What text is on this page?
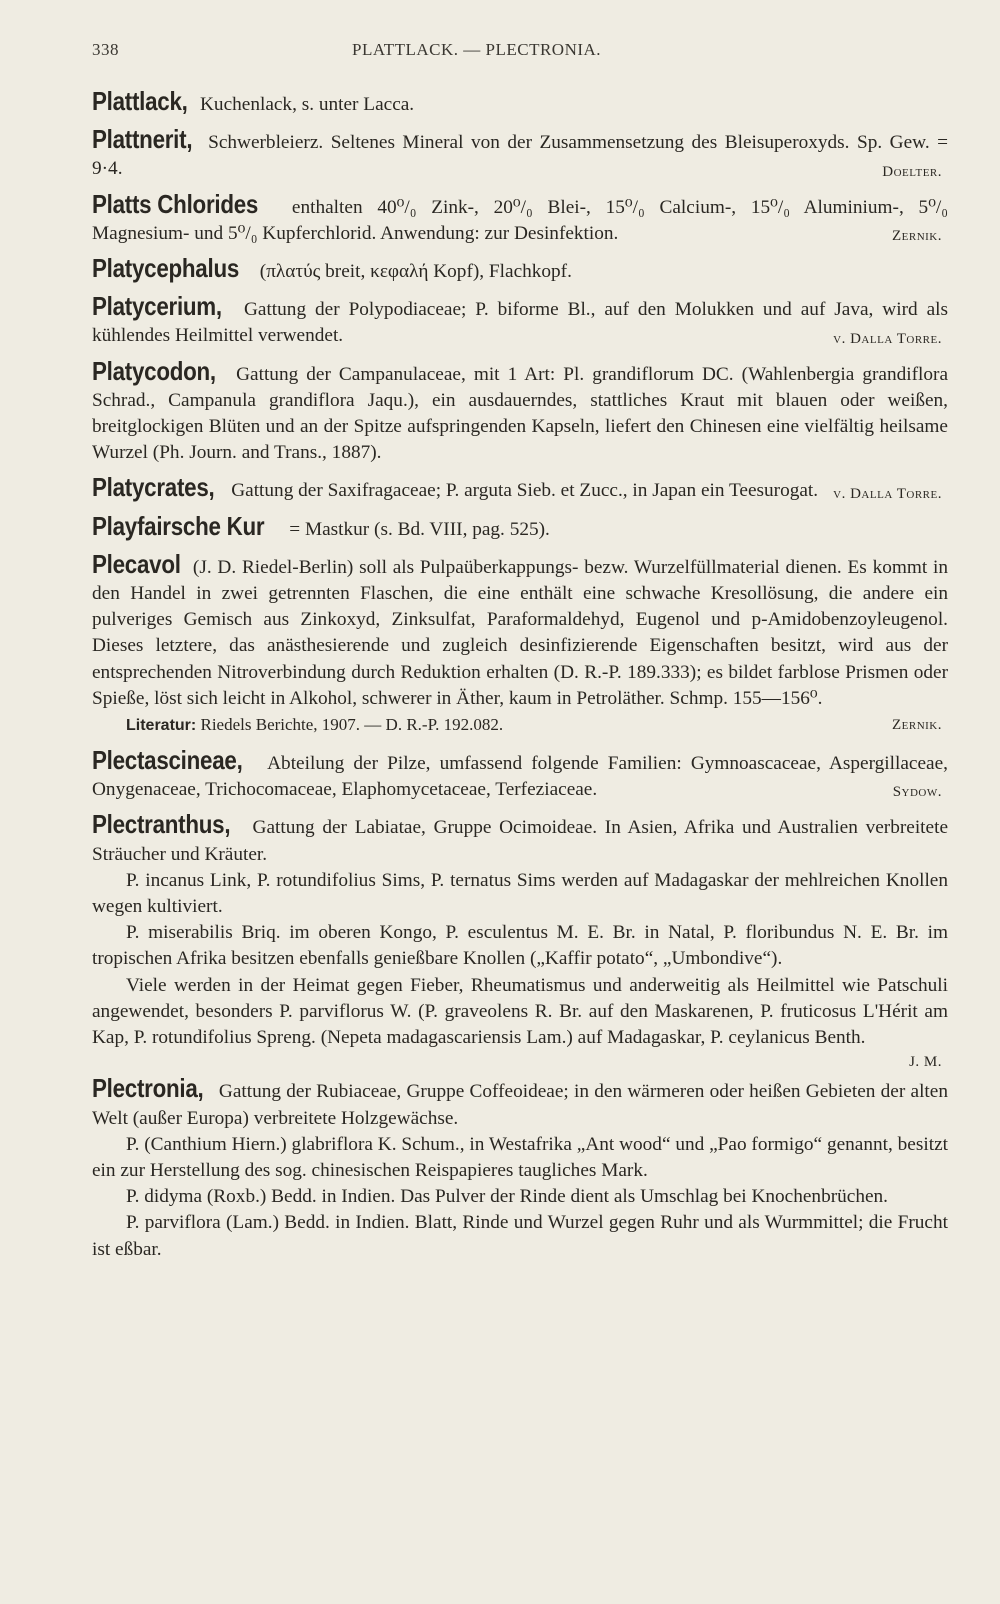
338	PLATTLACK. — PLECTRONIA.

Plattlack, Kuchenlack, s. unter Lacca.

Plattnerit, Schwerbleierz. Seltenes Mineral von der Zusammensetzung des Bleisuperoxyds. Sp. Gew. = 9·4.	Doelter.

Platts Chlorides enthalten 40⁰/₀ Zink-, 20⁰/₀ Blei-, 15⁰/₀ Calcium-, 15⁰/₀ Aluminium-, 5⁰/₀ Magnesium- und 5⁰/₀ Kupferchlorid. Anwendung: zur Desinfektion.	Zernik.

Platycephalus (πλατύς breit, κεφαλή Kopf), Flachkopf.

Platycerium, Gattung der Polypodiaceae; P. biforme Bl., auf den Molukken und auf Java, wird als kühlendes Heilmittel verwendet.	v. Dalla Torre.

Platycodon, Gattung der Campanulaceae, mit 1 Art: Pl. grandiflorum DC. (Wahlenbergia grandiflora Schrad., Campanula grandiflora Jaqu.), ein ausdauerndes, stattliches Kraut mit blauen oder weißen, breitglockigen Blüten und an der Spitze aufspringenden Kapseln, liefert den Chinesen eine vielfältig heilsame Wurzel (Ph. Journ. and Trans., 1887).

Platycrates, Gattung der Saxifragaceae; P. arguta Sieb. et Zucc., in Japan ein Teesurogat.	v. Dalla Torre.

Playfairsche Kur = Mastkur (s. Bd. VIII, pag. 525).

Plecavol (J. D. Riedel-Berlin) soll als Pulpaüberkappungs- bezw. Wurzelfüllmaterial dienen. Es kommt in den Handel in zwei getrennten Flaschen, die eine enthält eine schwache Kresollösung, die andere ein pulveriges Gemisch aus Zinkoxyd, Zinksulfat, Paraformaldehyd, Eugenol und p-Amidobenzoyleugenol. Dieses letztere, das anästhesierende und zugleich desinfizierende Eigenschaften besitzt, wird aus der entsprechenden Nitroverbindung durch Reduktion erhalten (D. R.-P. 189.333); es bildet farblose Prismen oder Spieße, löst sich leicht in Alkohol, schwerer in Äther, kaum in Petroläther. Schmp. 155—156⁰.

Literatur: Riedels Berichte, 1907. — D. R.-P. 192.082.	Zernik.

Plectascineae, Abteilung der Pilze, umfassend folgende Familien: Gymnoascaceae, Aspergillaceae, Onygenaceae, Trichocomaceae, Elaphomycetaceae, Terfeziaceae.	Sydow.

Plectranthus, Gattung der Labiatae, Gruppe Ocimoideae. In Asien, Afrika und Australien verbreitete Sträucher und Kräuter.

P. incanus Link, P. rotundifolius Sims, P. ternatus Sims werden auf Madagaskar der mehlreichen Knollen wegen kultiviert.

P. miserabilis Briq. im oberen Kongo, P. esculentus M. E. Br. in Natal, P. floribundus N. E. Br. im tropischen Afrika besitzen ebenfalls genießbare Knollen („Kaffir potato“, „Umbondive“).

Viele werden in der Heimat gegen Fieber, Rheumatismus und anderweitig als Heilmittel wie Patschuli angewendet, besonders P. parviflorus W. (P. graveolens R. Br. auf den Maskarenen, P. fruticosus L'Hérit am Kap, P. rotundifolius Spreng. (Nepeta madagascariensis Lam.) auf Madagaskar, P. ceylanicus Benth.

J. M.

Plectronia, Gattung der Rubiaceae, Gruppe Coffeoideae; in den wärmeren oder heißen Gebieten der alten Welt (außer Europa) verbreitete Holzgewächse.

P. (Canthium Hiern.) glabriflora K. Schum., in Westafrika „Ant wood“ und „Pao formigo“ genannt, besitzt ein zur Herstellung des sog. chinesischen Reispapieres taugliches Mark.

P. didyma (Roxb.) Bedd. in Indien. Das Pulver der Rinde dient als Umschlag bei Knochenbrüchen.

P. parviflora (Lam.) Bedd. in Indien. Blatt, Rinde und Wurzel gegen Ruhr und als Wurmmittel; die Frucht ist eßbar.
